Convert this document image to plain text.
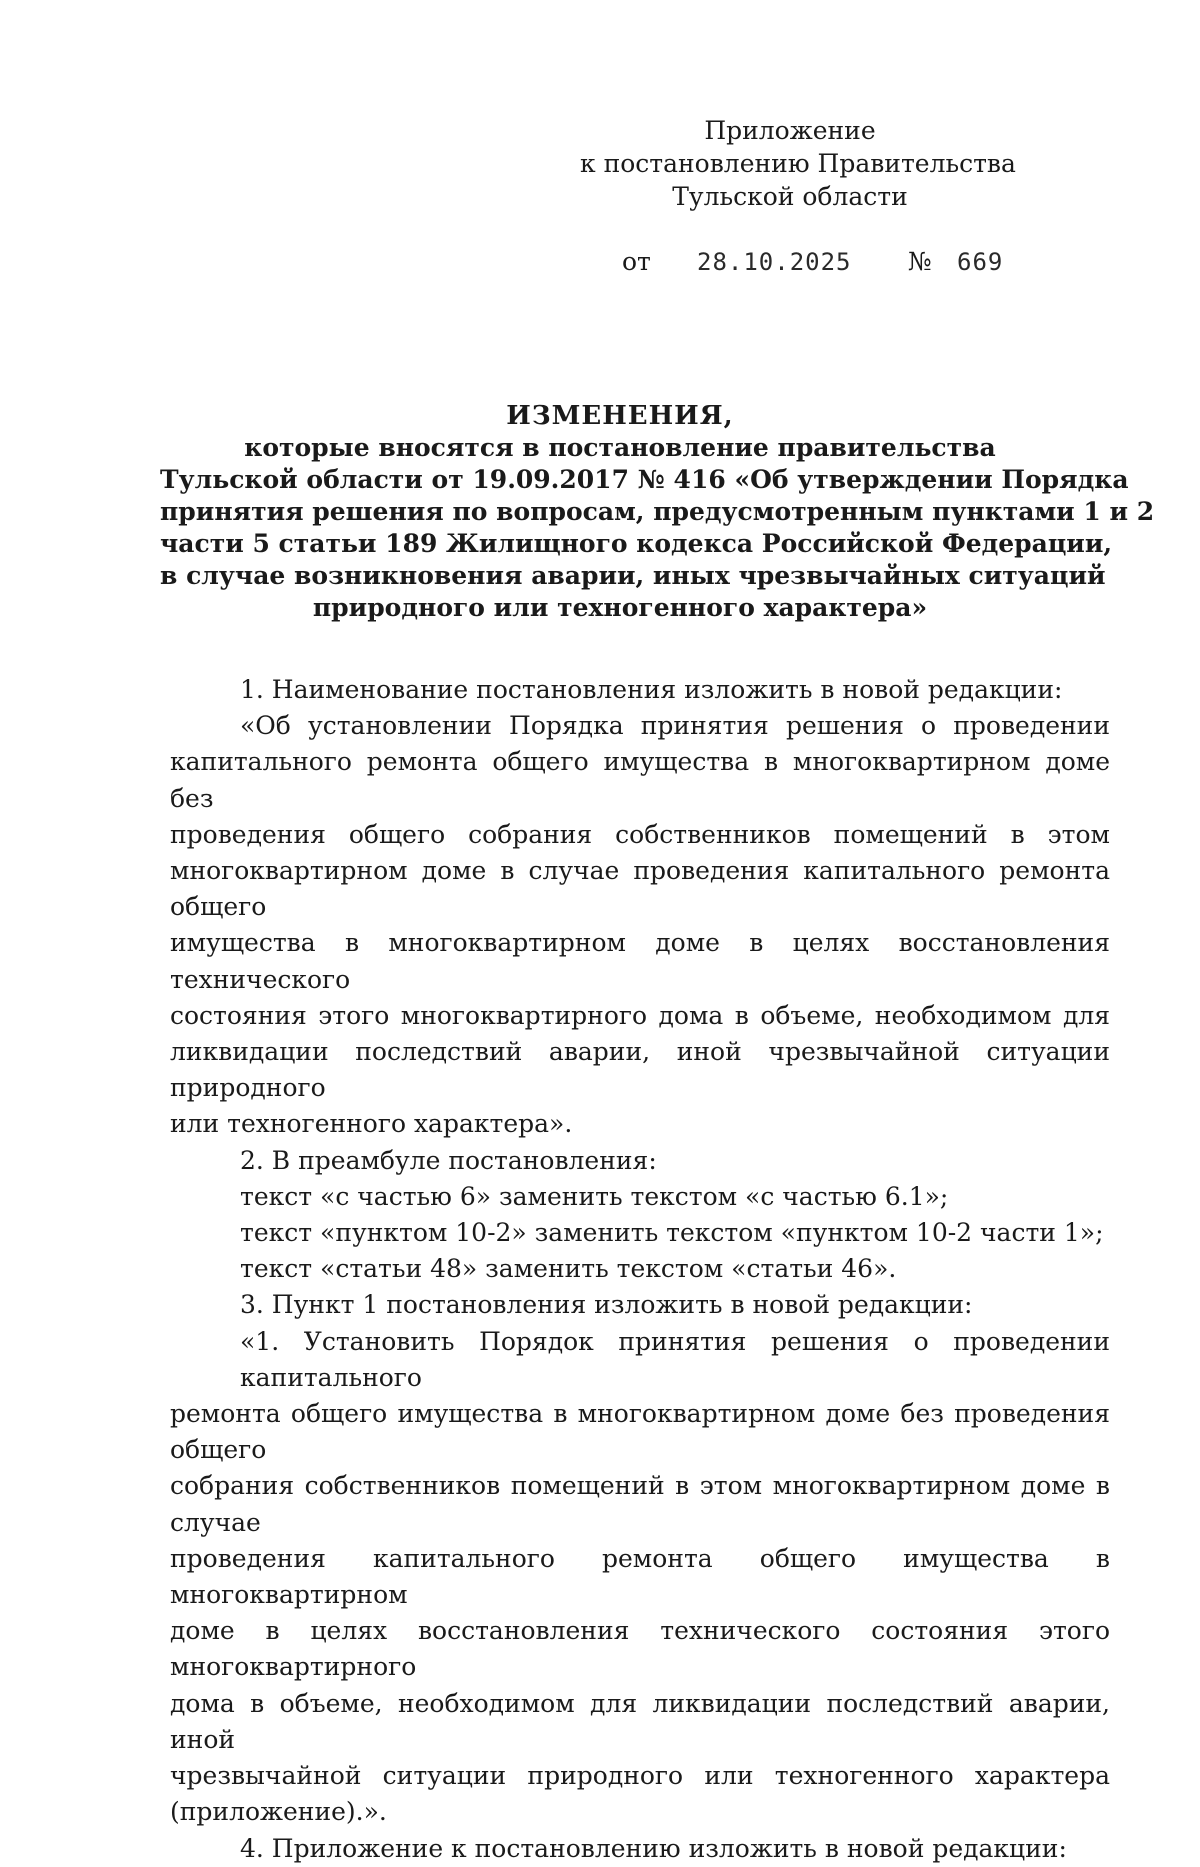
Приложение
к постановлению Правительства
Тульской области
от 28.10.2025 № 669
ИЗМЕНЕНИЯ,
которые вносятся в постановление правительства
Тульской области от 19.09.2017 № 416 «Об утверждении Порядка
принятия решения по вопросам, предусмотренным пунктами 1 и 2
части 5 статьи 189 Жилищного кодекса Российской Федерации,
в случае возникновения аварии, иных чрезвычайных ситуаций
природного или техногенного характера»

1. Наименование постановления изложить в новой редакции:

«Об установлении Порядка принятия решения о проведении
капитального ремонта общего имущества в многоквартирном доме без
проведения общего собрания собственников помещений в этом
многоквартирном доме в случае проведения капитального ремонта общего
имущества в многоквартирном доме в целях восстановления технического
состояния этого многоквартирного дома в объеме, необходимом для
ликвидации последствий аварии, иной чрезвычайной ситуации природного
или техногенного характера».

2. В преамбуле постановления:

текст «с частью 6» заменить текстом «с частью 6.1»;

текст «пунктом 10-2» заменить текстом «пунктом 10-2 части 1»;

текст «статьи 48» заменить текстом «статьи 46».

3. Пункт 1 постановления изложить в новой редакции:

«1. Установить Порядок принятия решения о проведении капитального
ремонта общего имущества в многоквартирном доме без проведения общего
собрания собственников помещений в этом многоквартирном доме в случае
проведения капитального ремонта общего имущества в многоквартирном
доме в целях восстановления технического состояния этого многоквартирного
дома в объеме, необходимом для ликвидации последствий аварии, иной
чрезвычайной ситуации природного или техногенного характера
(приложение).».

4. Приложение к постановлению изложить в новой редакции:
